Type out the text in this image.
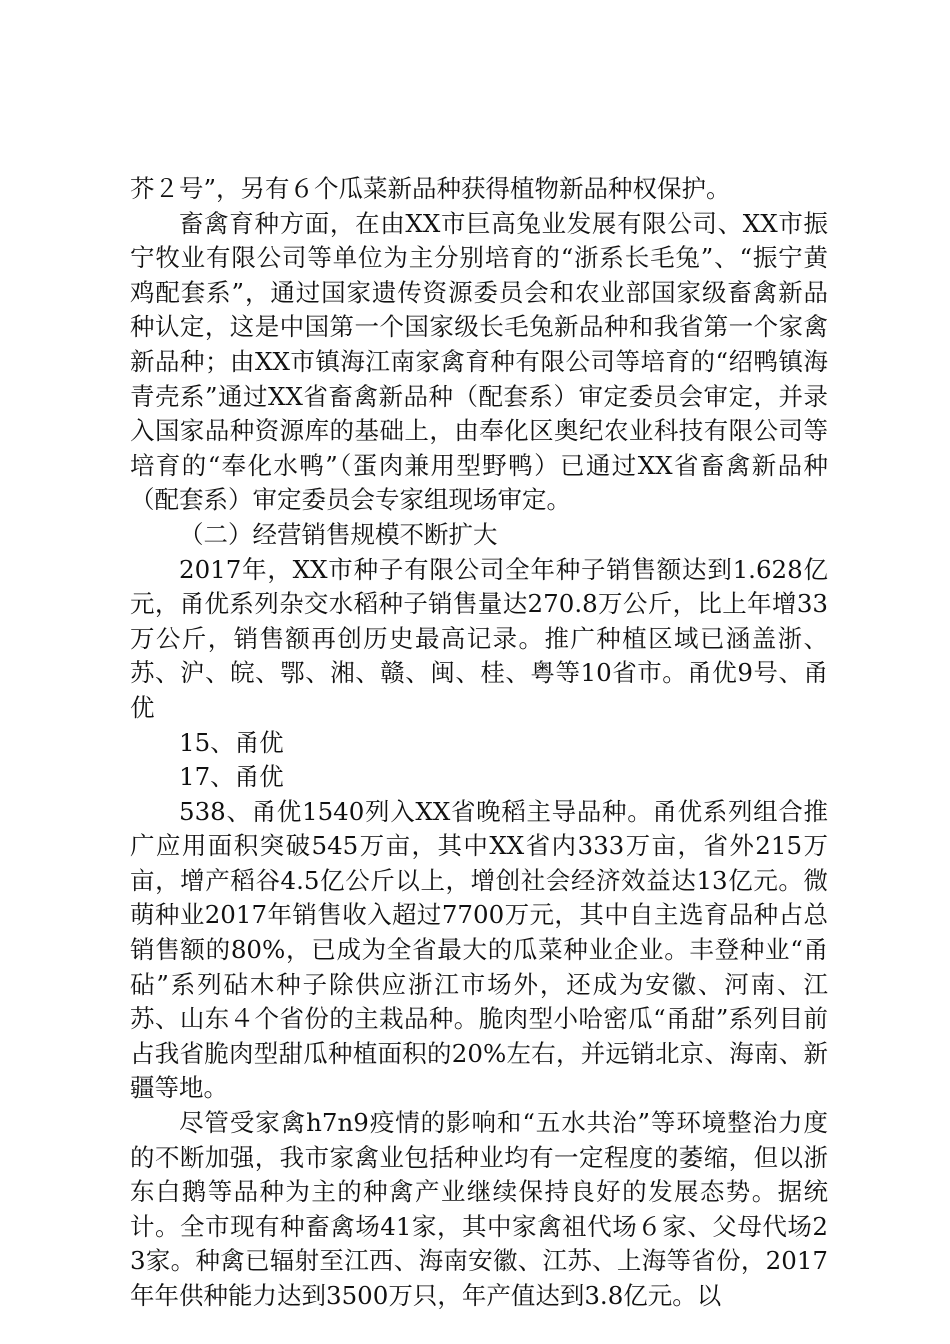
芥２号”，另有６个瓜菜新品种获得植物新品种权保护。

畜禽育种方面，在由XX市巨高兔业发展有限公司、XX市振宁牧业有限公司等单位为主分别培育的“浙系长毛兔”、“振宁黄鸡配套系”，通过国家遗传资源委员会和农业部国家级畜禽新品种认定，这是中国第一个国家级长毛兔新品种和我省第一个家禽新品种；由XX市镇海江南家禽育种有限公司等培育的“绍鸭镇海青壳系”通过XX省畜禽新品种（配套系）审定委员会审定，并录入国家品种资源库的基础上，由奉化区奥纪农业科技有限公司等培育的“奉化水鸭”（蛋肉兼用型野鸭）已通过XX省畜禽新品种（配套系）审定委员会专家组现场审定。

（二）经营销售规模不断扩大

2017年，XX市种子有限公司全年种子销售额达到1.628亿元，甬优系列杂交水稻种子销售量达270.8万公斤，比上年增33万公斤，销售额再创历史最高记录。推广种植区域已涵盖浙、苏、沪、皖、鄂、湘、赣、闽、桂、粤等10省市。甬优9号、甬优

15、甬优

17、甬优

538、甬优1540列入XX省晚稻主导品种。甬优系列组合推广应用面积突破545万亩，其中XX省内333万亩，省外215万亩，增产稻谷4.5亿公斤以上，增创社会经济效益达13亿元。微萌种业2017年销售收入超过7700万元，其中自主选育品种占总销售额的80%，已成为全省最大的瓜菜种业企业。丰登种业“甬砧”系列砧木种子除供应浙江市场外，还成为安徽、河南、江苏、山东４个省份的主栽品种。脆肉型小哈密瓜“甬甜”系列目前占我省脆肉型甜瓜种植面积的20%左右，并远销北京、海南、新疆等地。

尽管受家禽h7n9疫情的影响和“五水共治”等环境整治力度的不断加强，我市家禽业包括种业均有一定程度的萎缩，但以浙东白鹅等品种为主的种禽产业继续保持良好的发展态势。据统计。全市现有种畜禽场41家，其中家禽祖代场６家、父母代场23家。种禽已辐射至江西、海南安徽、江苏、上海等省份，2017年年供种能力达到3500万只，年产值达到3.8亿元。以
